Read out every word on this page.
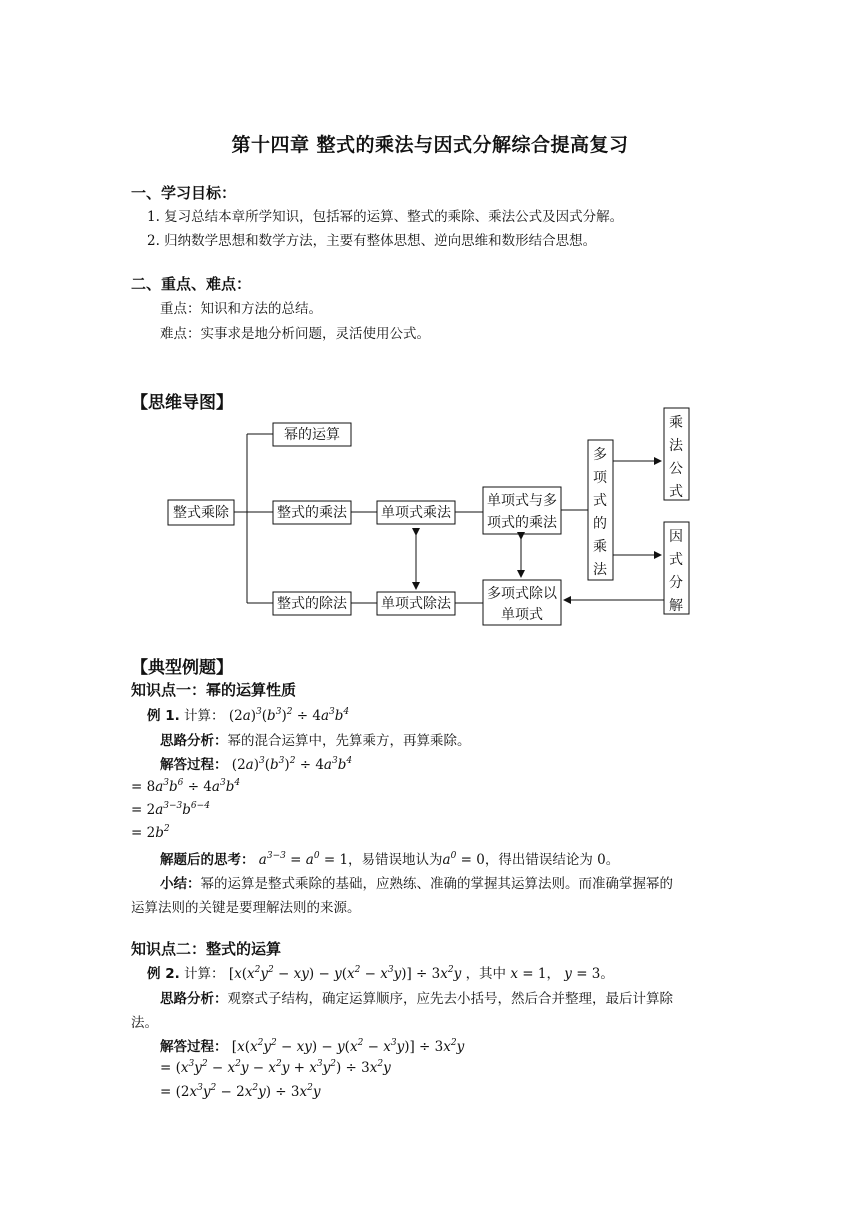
第十四章 整式的乘法与因式分解综合提高复习
一、学习目标：
1. 复习总结本章所学知识，包括幂的运算、整式的乘除、乘法公式及因式分解。
2. 归纳数学思想和数学方法，主要有整体思想、逆向思维和数形结合思想。
二、重点、难点：
重点：知识和方法的总结。
难点：实事求是地分析问题，灵活使用公式。
【思维导图】
整式乘除
幂的运算
整式的乘法
整式的除法
单项式乘法
单项式除法
单项式与多
项式的乘法
多项式除以
单项式
多
项
式
的
乘
法
乘
法
公
式
因
式
分
解
【典型例题】
知识点一：幂的运算性质
例 1. 计算： $(2a)^3(b^3)^2 \div 4a^3b^4$
思路分析：幂的混合运算中，先算乘方，再算乘除。
解答过程： $(2a)^3(b^3)^2 \div 4a^3b^4$
= $8a^3b^6 \div 4a^3b^4$
= $2a^{3-3}b^{6-4}$
= $2b^2$
解题后的思考： $a^{3-3} = a^0 = 1$，易错误地认为$a^0 = 0$，得出错误结论为 0。
小结：幂的运算是整式乘除的基础，应熟练、准确的掌握其运算法则。而准确掌握幂的
运算法则的关键是要理解法则的来源。
知识点二：整式的运算
例 2. 计算： $[x(x^2y^2 - xy) - y(x^2 - x^3y)] \div 3x^2y$ ，其中 x = 1， y = 3。
思路分析：观察式子结构，确定运算顺序，应先去小括号，然后合并整理，最后计算除
法。
解答过程： $[x(x^2y^2 - xy) - y(x^2 - x^3y)] \div 3x^2y$
= $(x^3y^2 - x^2y - x^2y + x^3y^2) \div 3x^2y$
= $(2x^3y^2 - 2x^2y) \div 3x^2y$
